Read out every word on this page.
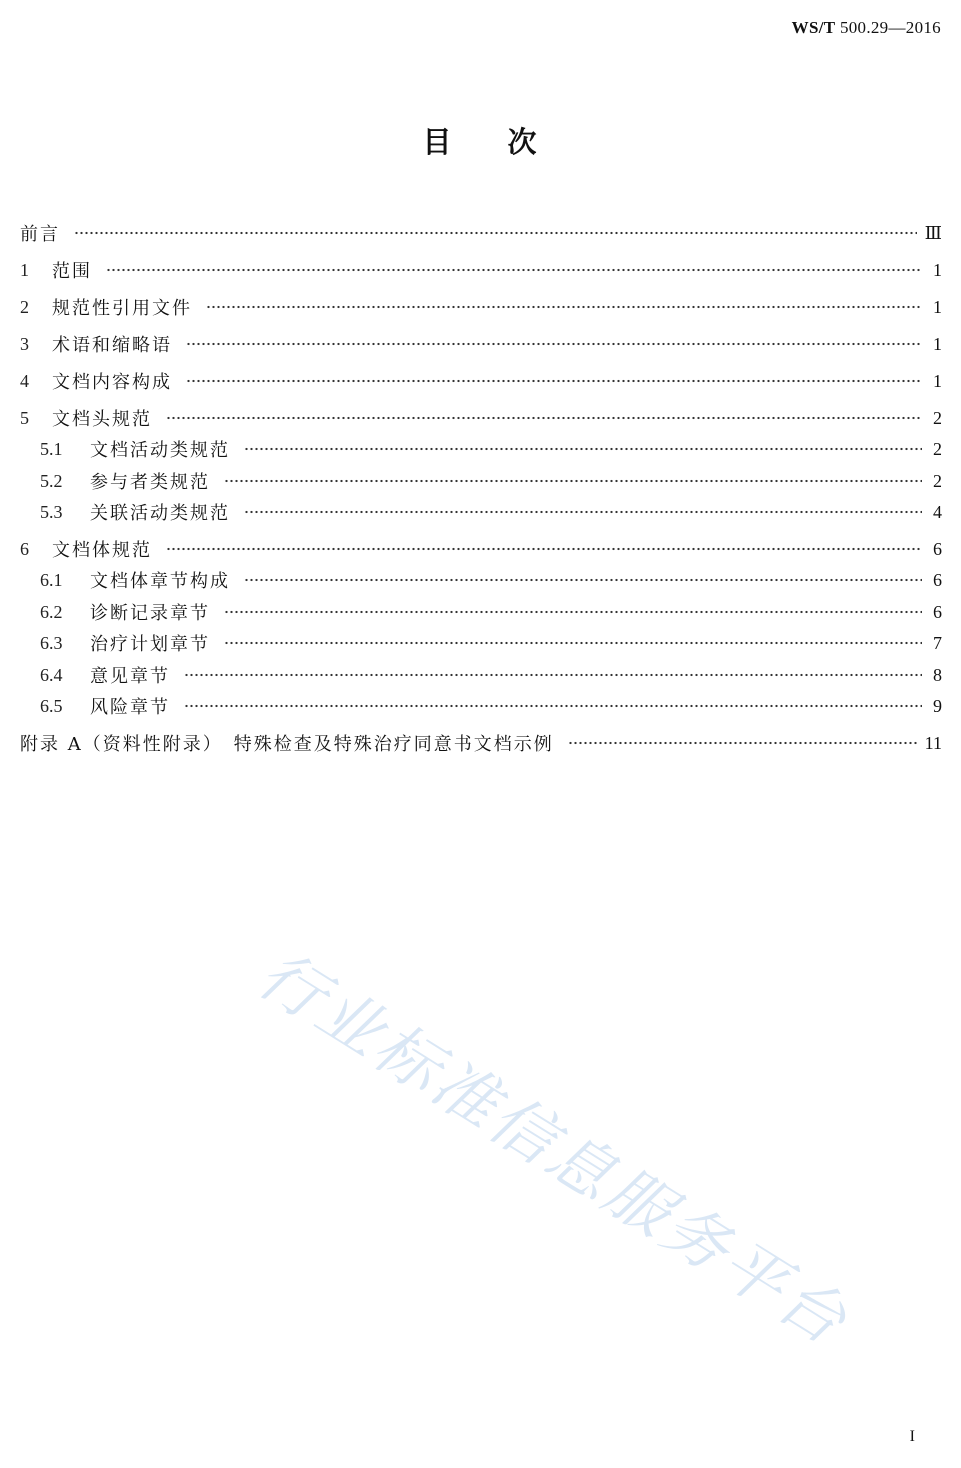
WS/T 500.29—2016
目 次
前言	Ⅲ
1	范围	1
2	规范性引用文件	1
3	术语和缩略语	1
4	文档内容构成	1
5	文档头规范	2
5.1	文档活动类规范	2
5.2	参与者类规范	2
5.3	关联活动类规范	4
6	文档体规范	6
6.1	文档体章节构成	6
6.2	诊断记录章节	6
6.3	治疗计划章节	7
6.4	意见章节	8
6.5	风险章节	9
附录 A（资料性附录）　特殊检查及特殊治疗同意书文档示例	11
行业标准信息服务平台
I
